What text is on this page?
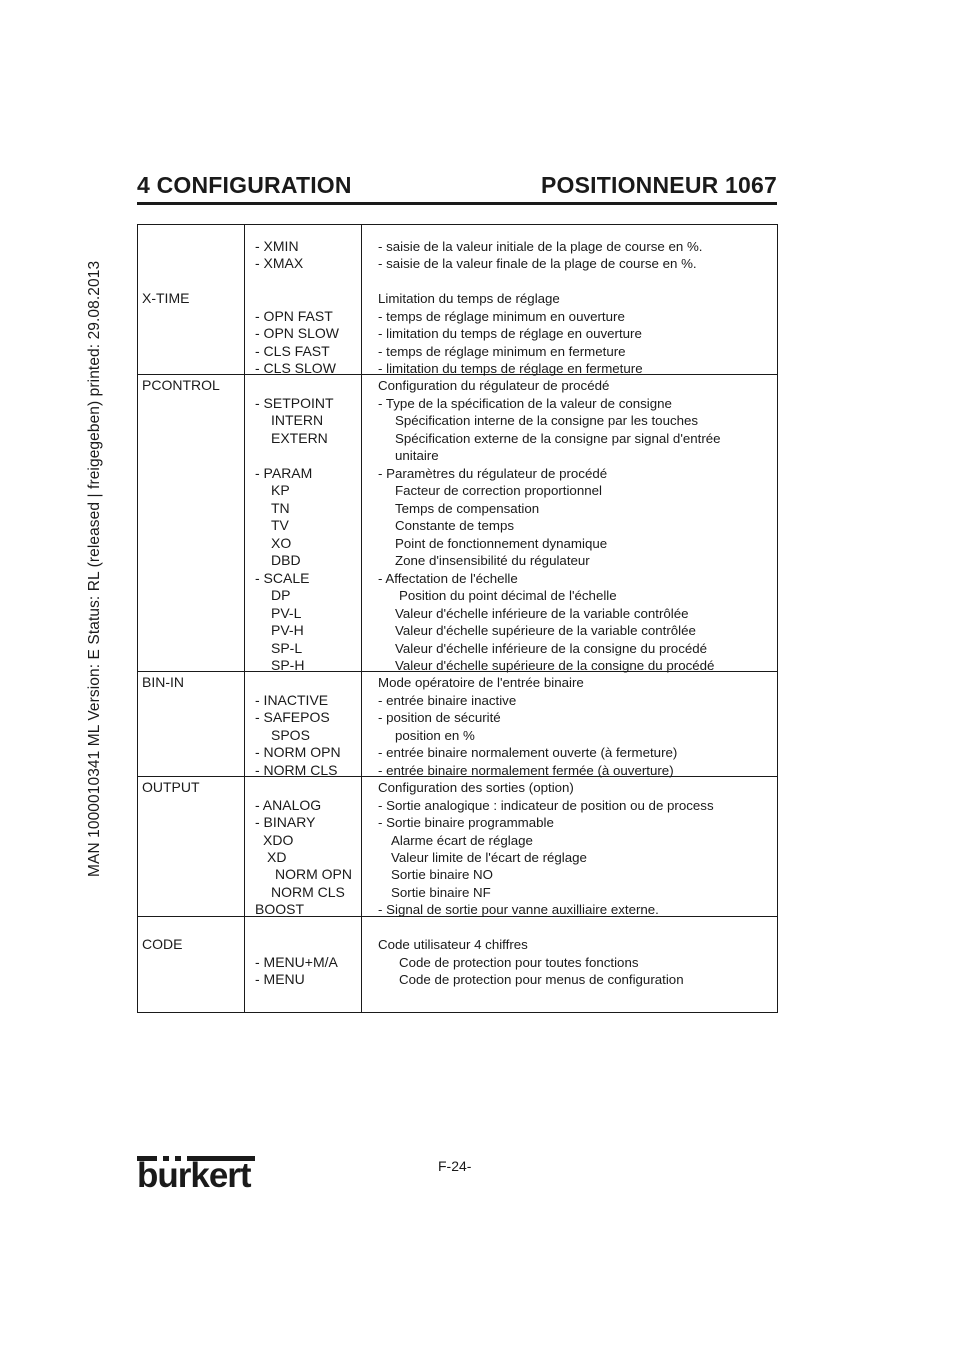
MAN 1000010341 ML Version: E Status: RL (released | freigegeben) printed: 29.08.2013
4 CONFIGURATION	POSITIONNEUR 1067
- XMIN
- XMAX
- saisie de la valeur initiale de la plage de course en %.
- saisie de la valeur finale de la plage de course en %.
X-TIME
- OPN FAST
- OPN SLOW
- CLS FAST
- CLS SLOW
Limitation du temps de réglage
- temps de réglage minimum en ouverture
- limitation du temps de réglage en ouverture
- temps de réglage minimum en fermeture
- limitation du temps de réglage en fermeture
PCONTROL
- SETPOINT
INTERN
EXTERN
- PARAM
KP
TN
TV
XO
DBD
- SCALE
DP
PV-L
PV-H
SP-L
SP-H
Configuration du régulateur de procédé
- Type de la spécification de la valeur de consigne
Spécification interne de la consigne par les touches
Spécification externe de la consigne par signal d'entrée
unitaire
- Paramètres du régulateur de procédé
Facteur de correction proportionnel
Temps de compensation
Constante de temps
Point de fonctionnement dynamique
Zone d'insensibilité du régulateur
- Affectation de l'échelle
Position du point décimal de l'échelle
Valeur d'échelle inférieure de la variable contrôlée
Valeur d'échelle supérieure de la variable contrôlée
Valeur d'échelle inférieure de la consigne du procédé
Valeur d'échelle supérieure de la consigne du procédé
BIN-IN
- INACTIVE
- SAFEPOS
SPOS
- NORM OPN
- NORM CLS
Mode opératoire de l'entrée binaire
- entrée binaire inactive
- position de sécurité
position en %
- entrée binaire normalement ouverte (à fermeture)
- entrée binaire normalement fermée (à ouverture)
OUTPUT
- ANALOG
- BINARY
XDO
XD
NORM OPN
NORM CLS
BOOST
Configuration des sorties (option)
- Sortie analogique : indicateur de position ou de process
- Sortie binaire programmable
Alarme écart de réglage
Valeur limite de l'écart de réglage
Sortie binaire NO
Sortie binaire NF
- Signal de sortie pour vanne auxilliaire externe.
CODE
- MENU+M/A
- MENU
Code utilisateur 4 chiffres
Code de protection pour toutes fonctions
Code de protection pour menus de configuration
burkert	F-24-
